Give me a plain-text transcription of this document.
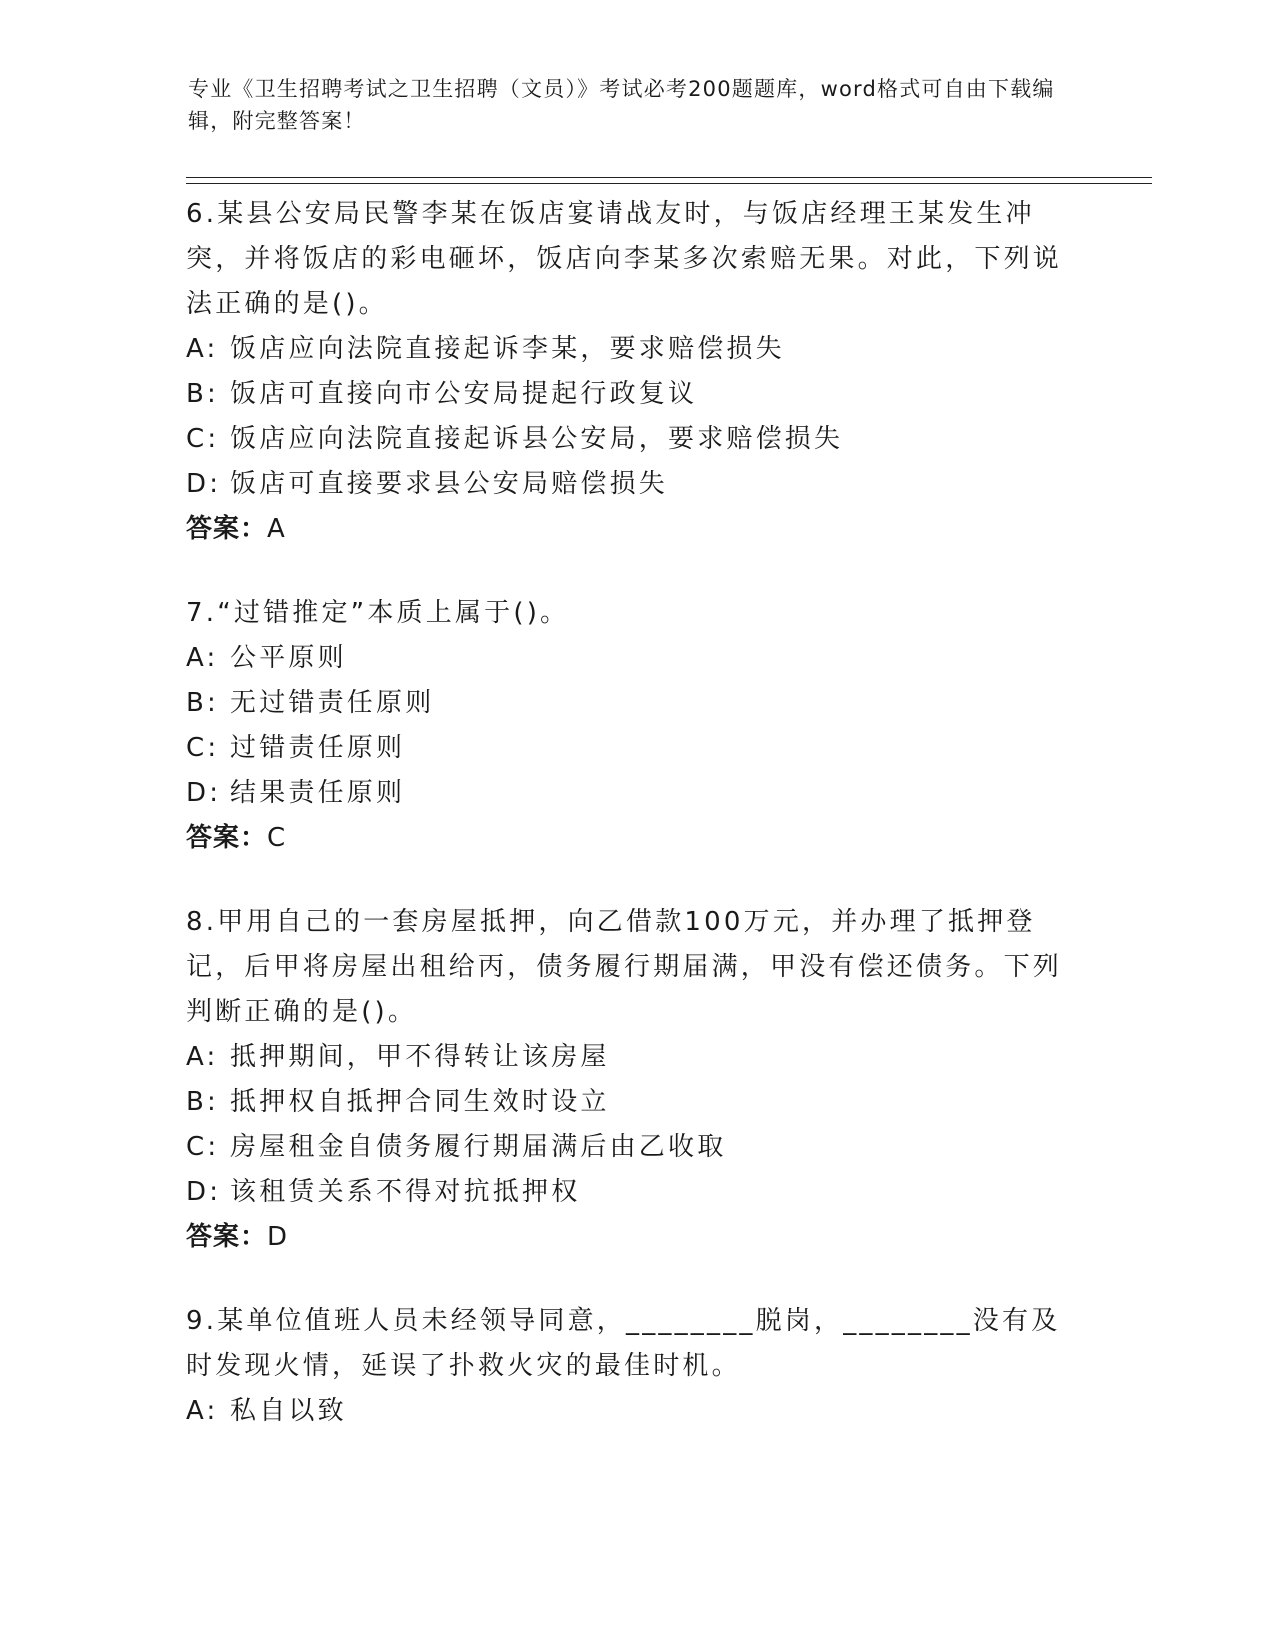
专业《卫生招聘考试之卫生招聘（文员）》考试必考200题题库，word格式可自由下载编辑，附完整答案！

6.某县公安局民警李某在饭店宴请战友时，与饭店经理王某发生冲突，并将饭店的彩电砸坏，饭店向李某多次索赔无果。对此，下列说法正确的是()。

A: 饭店应向法院直接起诉李某，要求赔偿损失
B: 饭店可直接向市公安局提起行政复议
C: 饭店应向法院直接起诉县公安局，要求赔偿损失
D: 饭店可直接要求县公安局赔偿损失

答案：A

7.“过错推定”本质上属于()。

A: 公平原则
B: 无过错责任原则
C: 过错责任原则
D: 结果责任原则

答案：C

8.甲用自己的一套房屋抵押，向乙借款100万元，并办理了抵押登记，后甲将房屋出租给丙，债务履行期届满，甲没有偿还债务。下列判断正确的是()。

A: 抵押期间，甲不得转让该房屋
B: 抵押权自抵押合同生效时设立
C: 房屋租金自债务履行期届满后由乙收取
D: 该租赁关系不得对抗抵押权

答案：D

9.某单位值班人员未经领导同意，________脱岗，________没有及时发现火情，延误了扑救火灾的最佳时机。

A: 私自以致
